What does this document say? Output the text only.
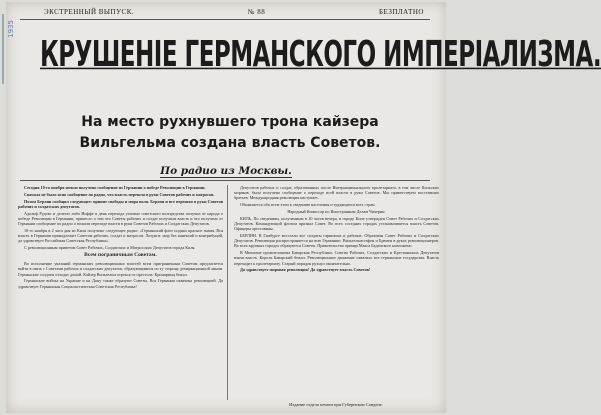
1935
ЭКСТРЕННЫЙ ВЫПУСК.	№ 88	БЕЗПЛАТНО
КРУШЕНІЕ ГЕРМАНСКОГО ИМПЕРІАЛИЗМА.
На место рухнувшего трона кайзера
Вильгельма создана власть Советов.
По радио из Москвы.

Сегодня 10-го ноября ночью получено сообщение из Германии о победе Революции в Германии.

Сначала не было ясно сообщение по радио, что власть перешла в руки Советов рабочих и матросов.

Потом Берлин сообщил следующее: принят свободы и мира воля. Берлин и все перешли в руки Советов рабочих и солдатских депутатов.

Адольф Рудовс и делегат либо Иоффе в день перехода угловые советского полпредства получил от народа о победе Революции в Германии, принесло о том что Советы рабочих и солдат получили власть и что получено от Германии сообщение по радио о полном переходе власти в руки Советов Рабочих и Солдатских Депутатов.

10-го ноября в 2 часа дня из Киля получено следующее радио: «Германский флот поднял красное знамя. Вся власть в Германии принадлежит Советам рабочих, солдат и матросов. Лозунги: мир без аннексий и контрибуций, да здравствует Российская Советская Республика».

С революционным приветом Совет Рабочих, Солдатских и Матросских Депутатов города Киля.

Всем пограничным Советам.

Во исполнение указаний германских революционных властей всем приграничным Советам предлагается войти в связь с Советами рабочих и солдатских депутатов, образующимися по ту сторону демаркационной линии. Германские солдаты отходят домой. Кайзер Вильгельм отрекся от престола. Кронпринц бежал.

Германские войска на Украине и на Дону также образуют Советы. Вся Германия охвачена революцией. Да здравствует Германская Социалистическая Советская Республика!

Депутатов рабочих и солдат, образованных после Интернационального пролетариата, в том числе Кильских моряков, было получено сообщение о переходе всей власти в руки Советов. Мы приветствуем восставших братьев. Международная революция наступает.

Объявляется обо всем этом к сведению населения и трудящихся всех стран.

Народный Комиссар по Иностранным Делам Чичерин.

КИЛЬ. По сведениям, полученным в 10 часов вечера, в городе Киле утвержден Совет Рабочих и Солдатских Депутатов. Командующий флотом признал Совет. Во всех соседних городах устанавливается власть Советов. Офицеры арестованы.

БЕРЛИН. В Гамбурге восстали все солдаты гарнизона и рабочие. Образован Совет Рабочих и Солдатских Депутатов. Революция распространяется на всю Германию. Вильгельмсгафен и Бремен в руках революционеров. Во всех крупных городах образуются Советы. Правительство принца Макса Баденского низложено.

В Мюнхене провозглашена Баварская Республика. Советы Рабочих, Солдатских и Крестьянских Депутатов взяли власть. Король Баварский бежал. Революционное движение охватило все германские государства. Власть переходит к пролетариату. Старый порядок рухнул окончательно.

Да здравствует мировая революция! Да здравствует власть Советов!

Издание отдела печати при Губернском Совдепе.
